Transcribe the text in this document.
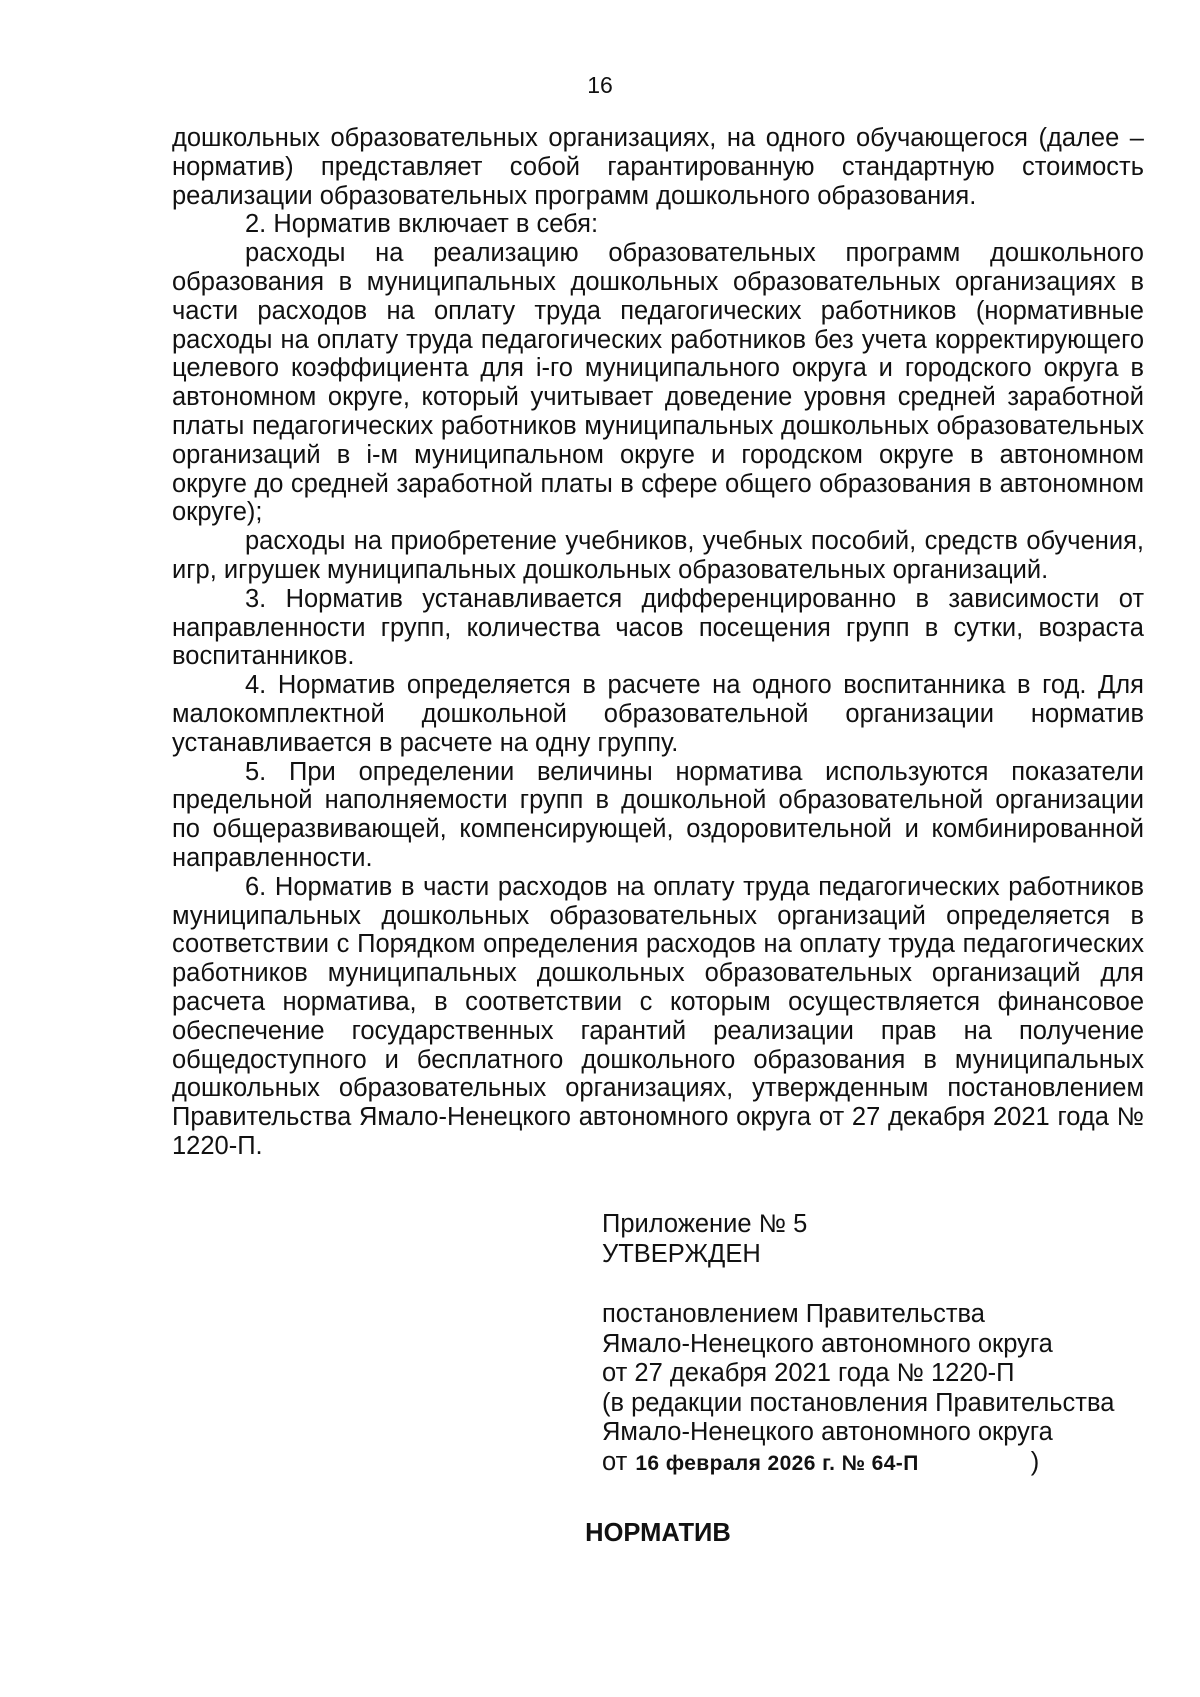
16

дошкольных образовательных организациях, на одного обучающегося (далее – норматив) представляет собой гарантированную стандартную стоимость реализации образовательных программ дошкольного образования.

2. Норматив включает в себя:

расходы на реализацию образовательных программ дошкольного образования в муниципальных дошкольных образовательных организациях в части расходов на оплату труда педагогических работников (нормативные расходы на оплату труда педагогических работников без учета корректирующего целевого коэффициента для i-го муниципального округа и городского округа в автономном округе, который учитывает доведение уровня средней заработной платы педагогических работников муниципальных дошкольных образовательных организаций в i-м муниципальном округе и городском округе в автономном округе до средней заработной платы в сфере общего образования в автономном округе);

расходы на приобретение учебников, учебных пособий, средств обучения, игр, игрушек муниципальных дошкольных образовательных организаций.

3. Норматив устанавливается дифференцированно в зависимости от направленности групп, количества часов посещения групп в сутки, возраста воспитанников.

4. Норматив определяется в расчете на одного воспитанника в год. Для малокомплектной дошкольной образовательной организации норматив устанавливается в расчете на одну группу.

5. При определении величины норматива используются показатели предельной наполняемости групп в дошкольной образовательной организации по общеразвивающей, компенсирующей, оздоровительной и комбинированной направленности.

6. Норматив в части расходов на оплату труда педагогических работников муниципальных дошкольных образовательных организаций определяется в соответствии с Порядком определения расходов на оплату труда педагогических работников муниципальных дошкольных образовательных организаций для расчета норматива, в соответствии с которым осуществляется финансовое обеспечение государственных гарантий реализации прав на получение общедоступного и бесплатного дошкольного образования в муниципальных дошкольных образовательных организациях, утвержденным постановлением Правительства Ямало-Ненецкого автономного округа от 27 декабря 2021 года № 1220-П.

Приложение № 5

УТВЕРЖДЕН

постановлением Правительства

Ямало-Ненецкого автономного округа

от 27 декабря 2021 года № 1220-П

(в редакции постановления Правительства

Ямало-Ненецкого автономного округа

от 16 февраля 2026 г. № 64-П	)

НОРМАТИВ
